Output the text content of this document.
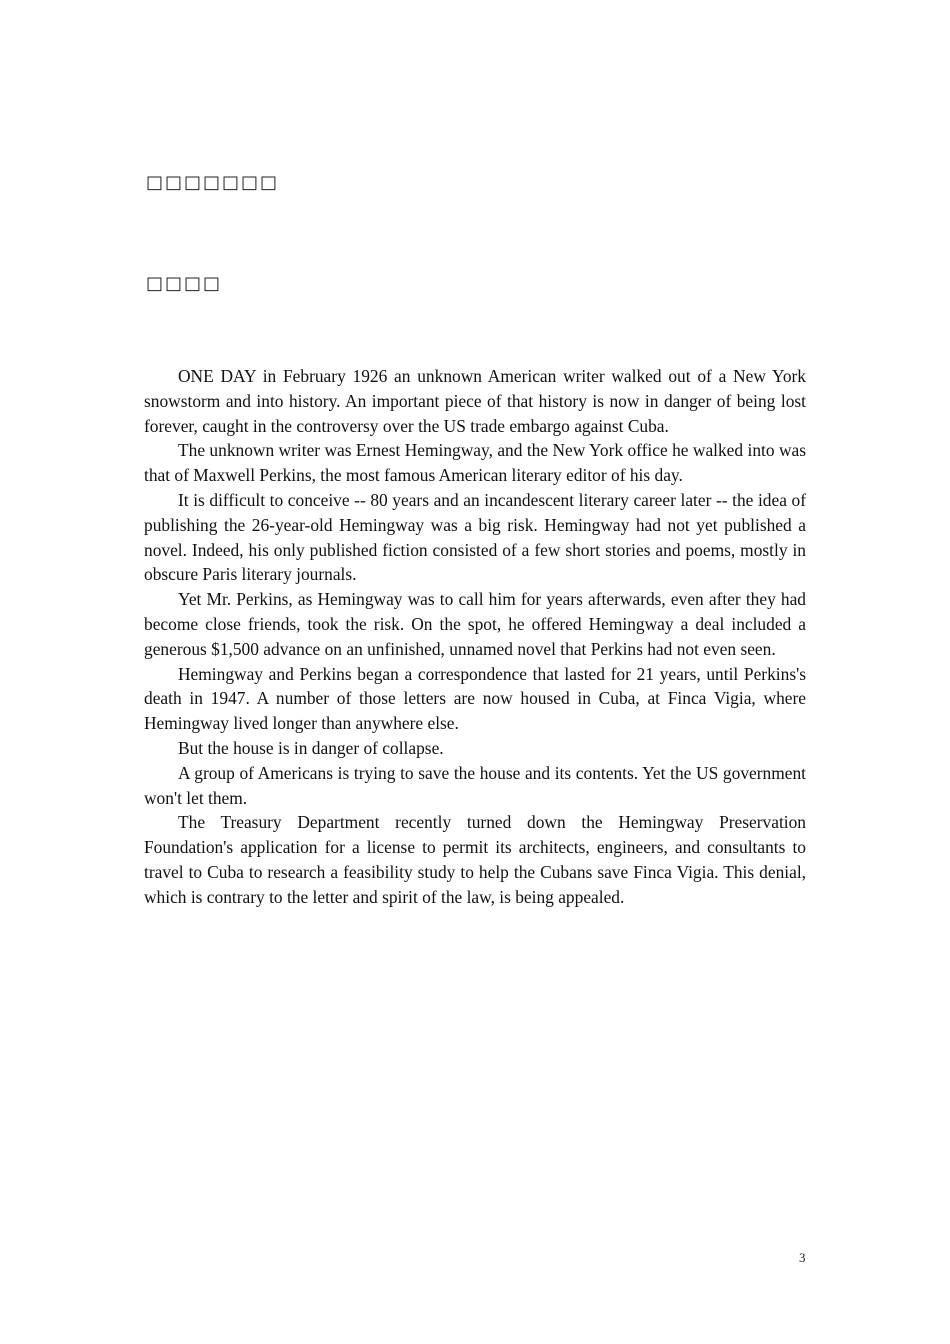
□□□□□□□
□□□□

ONE DAY in February 1926 an unknown American writer walked out of a New York snowstorm and into history. An important piece of that history is now in danger of being lost forever, caught in the controversy over the US trade embargo against Cuba.

The unknown writer was Ernest Hemingway, and the New York office he walked into was that of Maxwell Perkins, the most famous American literary editor of his day.

It is difficult to conceive -- 80 years and an incandescent literary career later -- the idea of publishing the 26-year-old Hemingway was a big risk. Hemingway had not yet published a novel. Indeed, his only published fiction consisted of a few short stories and poems, mostly in obscure Paris literary journals.

Yet Mr. Perkins, as Hemingway was to call him for years afterwards, even after they had become close friends, took the risk. On the spot, he offered Hemingway a deal included a generous $1,500 advance on an unfinished, unnamed novel that Perkins had not even seen.

Hemingway and Perkins began a correspondence that lasted for 21 years, until Perkins's death in 1947. A number of those letters are now housed in Cuba, at Finca Vigia, where Hemingway lived longer than anywhere else.

But the house is in danger of collapse.

A group of Americans is trying to save the house and its contents. Yet the US government won't let them.

The Treasury Department recently turned down the Hemingway Preservation Foundation's application for a license to permit its architects, engineers, and consultants to travel to Cuba to research a feasibility study to help the Cubans save Finca Vigia. This denial, which is contrary to the letter and spirit of the law, is being appealed.

3
